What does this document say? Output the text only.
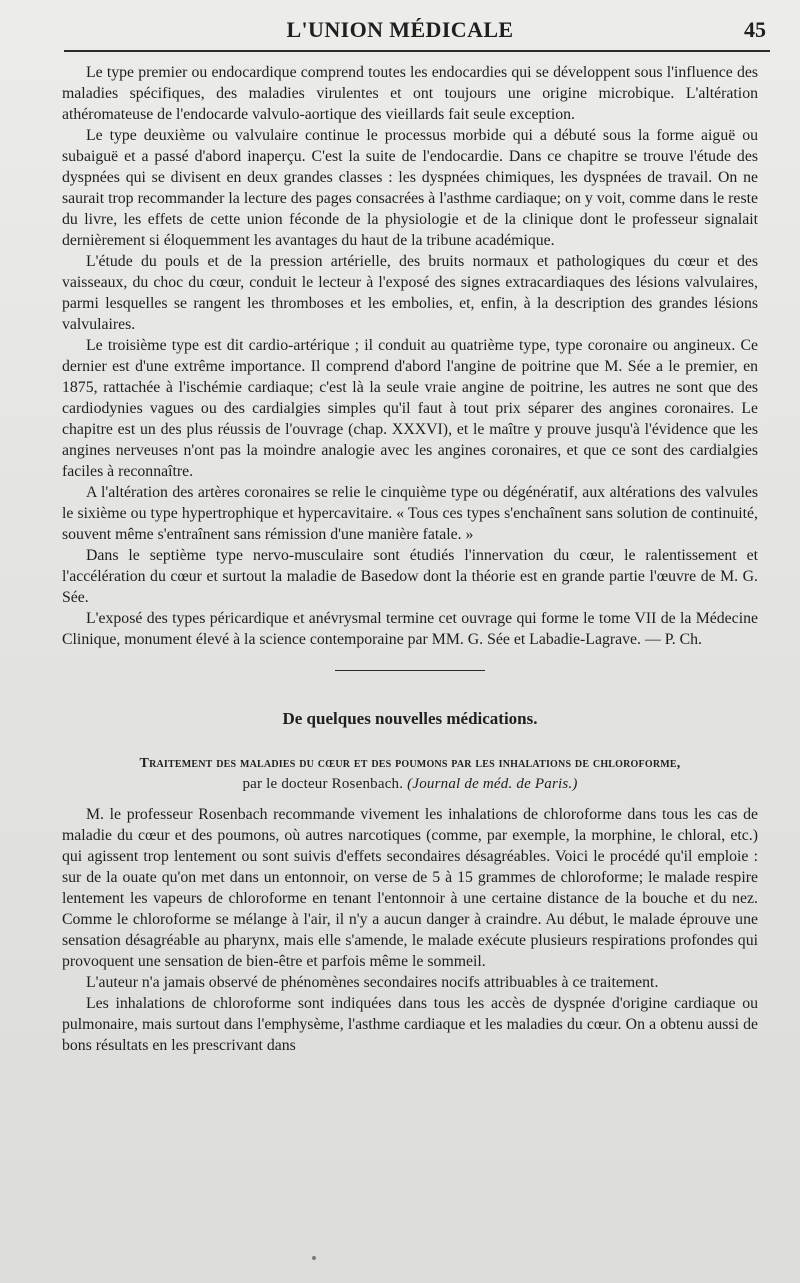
L'UNION MÉDICALE	45

Le type premier ou endocardique comprend toutes les endocardies qui se développent sous l'influence des maladies spécifiques, des maladies virulentes et ont toujours une origine microbique. L'altération athéromateuse de l'endocarde valvulo-aortique des vieillards fait seule exception.

Le type deuxième ou valvulaire continue le processus morbide qui a débuté sous la forme aiguë ou subaiguë et a passé d'abord inaperçu. C'est la suite de l'endocardie. Dans ce chapitre se trouve l'étude des dyspnées qui se divisent en deux grandes classes : les dyspnées chimiques, les dyspnées de travail. On ne saurait trop recommander la lecture des pages consacrées à l'asthme cardiaque; on y voit, comme dans le reste du livre, les effets de cette union féconde de la physiologie et de la clinique dont le professeur signalait dernièrement si éloquemment les avantages du haut de la tribune académique.

L'étude du pouls et de la pression artérielle, des bruits normaux et pathologiques du cœur et des vaisseaux, du choc du cœur, conduit le lecteur à l'exposé des signes extracardiaques des lésions valvulaires, parmi lesquelles se rangent les thromboses et les embolies, et, enfin, à la description des grandes lésions valvulaires.

Le troisième type est dit cardio-artérique ; il conduit au quatrième type, type coronaire ou angineux. Ce dernier est d'une extrême importance. Il comprend d'abord l'angine de poitrine que M. Sée a le premier, en 1875, rattachée à l'ischémie cardiaque; c'est là la seule vraie angine de poitrine, les autres ne sont que des cardiodynies vagues ou des cardialgies simples qu'il faut à tout prix séparer des angines coronaires. Le chapitre est un des plus réussis de l'ouvrage (chap. XXXVI), et le maître y prouve jusqu'à l'évidence que les angines nerveuses n'ont pas la moindre analogie avec les angines coronaires, et que ce sont des cardialgies faciles à reconnaître.

A l'altération des artères coronaires se relie le cinquième type ou dégénératif, aux altérations des valvules le sixième ou type hypertrophique et hypercavitaire. « Tous ces types s'enchaînent sans solution de continuité, souvent même s'entraînent sans rémission d'une manière fatale. »

Dans le septième type nervo-musculaire sont étudiés l'innervation du cœur, le ralentissement et l'accélération du cœur et surtout la maladie de Basedow dont la théorie est en grande partie l'œuvre de M. G. Sée.

L'exposé des types péricardique et anévrysmal termine cet ouvrage qui forme le tome VII de la Médecine Clinique, monument élevé à la science contemporaine par MM. G. Sée et Labadie-Lagrave. — P. Ch.

De quelques nouvelles médications.
Traitement des maladies du cœur et des poumons par les inhalations de chloroforme,
par le docteur Rosenbach. (Journal de méd. de Paris.)

M. le professeur Rosenbach recommande vivement les inhalations de chloroforme dans tous les cas de maladie du cœur et des poumons, où autres narcotiques (comme, par exemple, la morphine, le chloral, etc.) qui agissent trop lentement ou sont suivis d'effets secondaires désagréables. Voici le procédé qu'il emploie : sur de la ouate qu'on met dans un entonnoir, on verse de 5 à 15 grammes de chloroforme; le malade respire lentement les vapeurs de chloroforme en tenant l'entonnoir à une certaine distance de la bouche et du nez. Comme le chloroforme se mélange à l'air, il n'y a aucun danger à craindre. Au début, le malade éprouve une sensation désagréable au pharynx, mais elle s'amende, le malade exécute plusieurs respirations profondes qui provoquent une sensation de bien-être et parfois même le sommeil.

L'auteur n'a jamais observé de phénomènes secondaires nocifs attribuables à ce traitement.

Les inhalations de chloroforme sont indiquées dans tous les accès de dyspnée d'origine cardiaque ou pulmonaire, mais surtout dans l'emphysème, l'asthme cardiaque et les maladies du cœur. On a obtenu aussi de bons résultats en les prescrivant dans
